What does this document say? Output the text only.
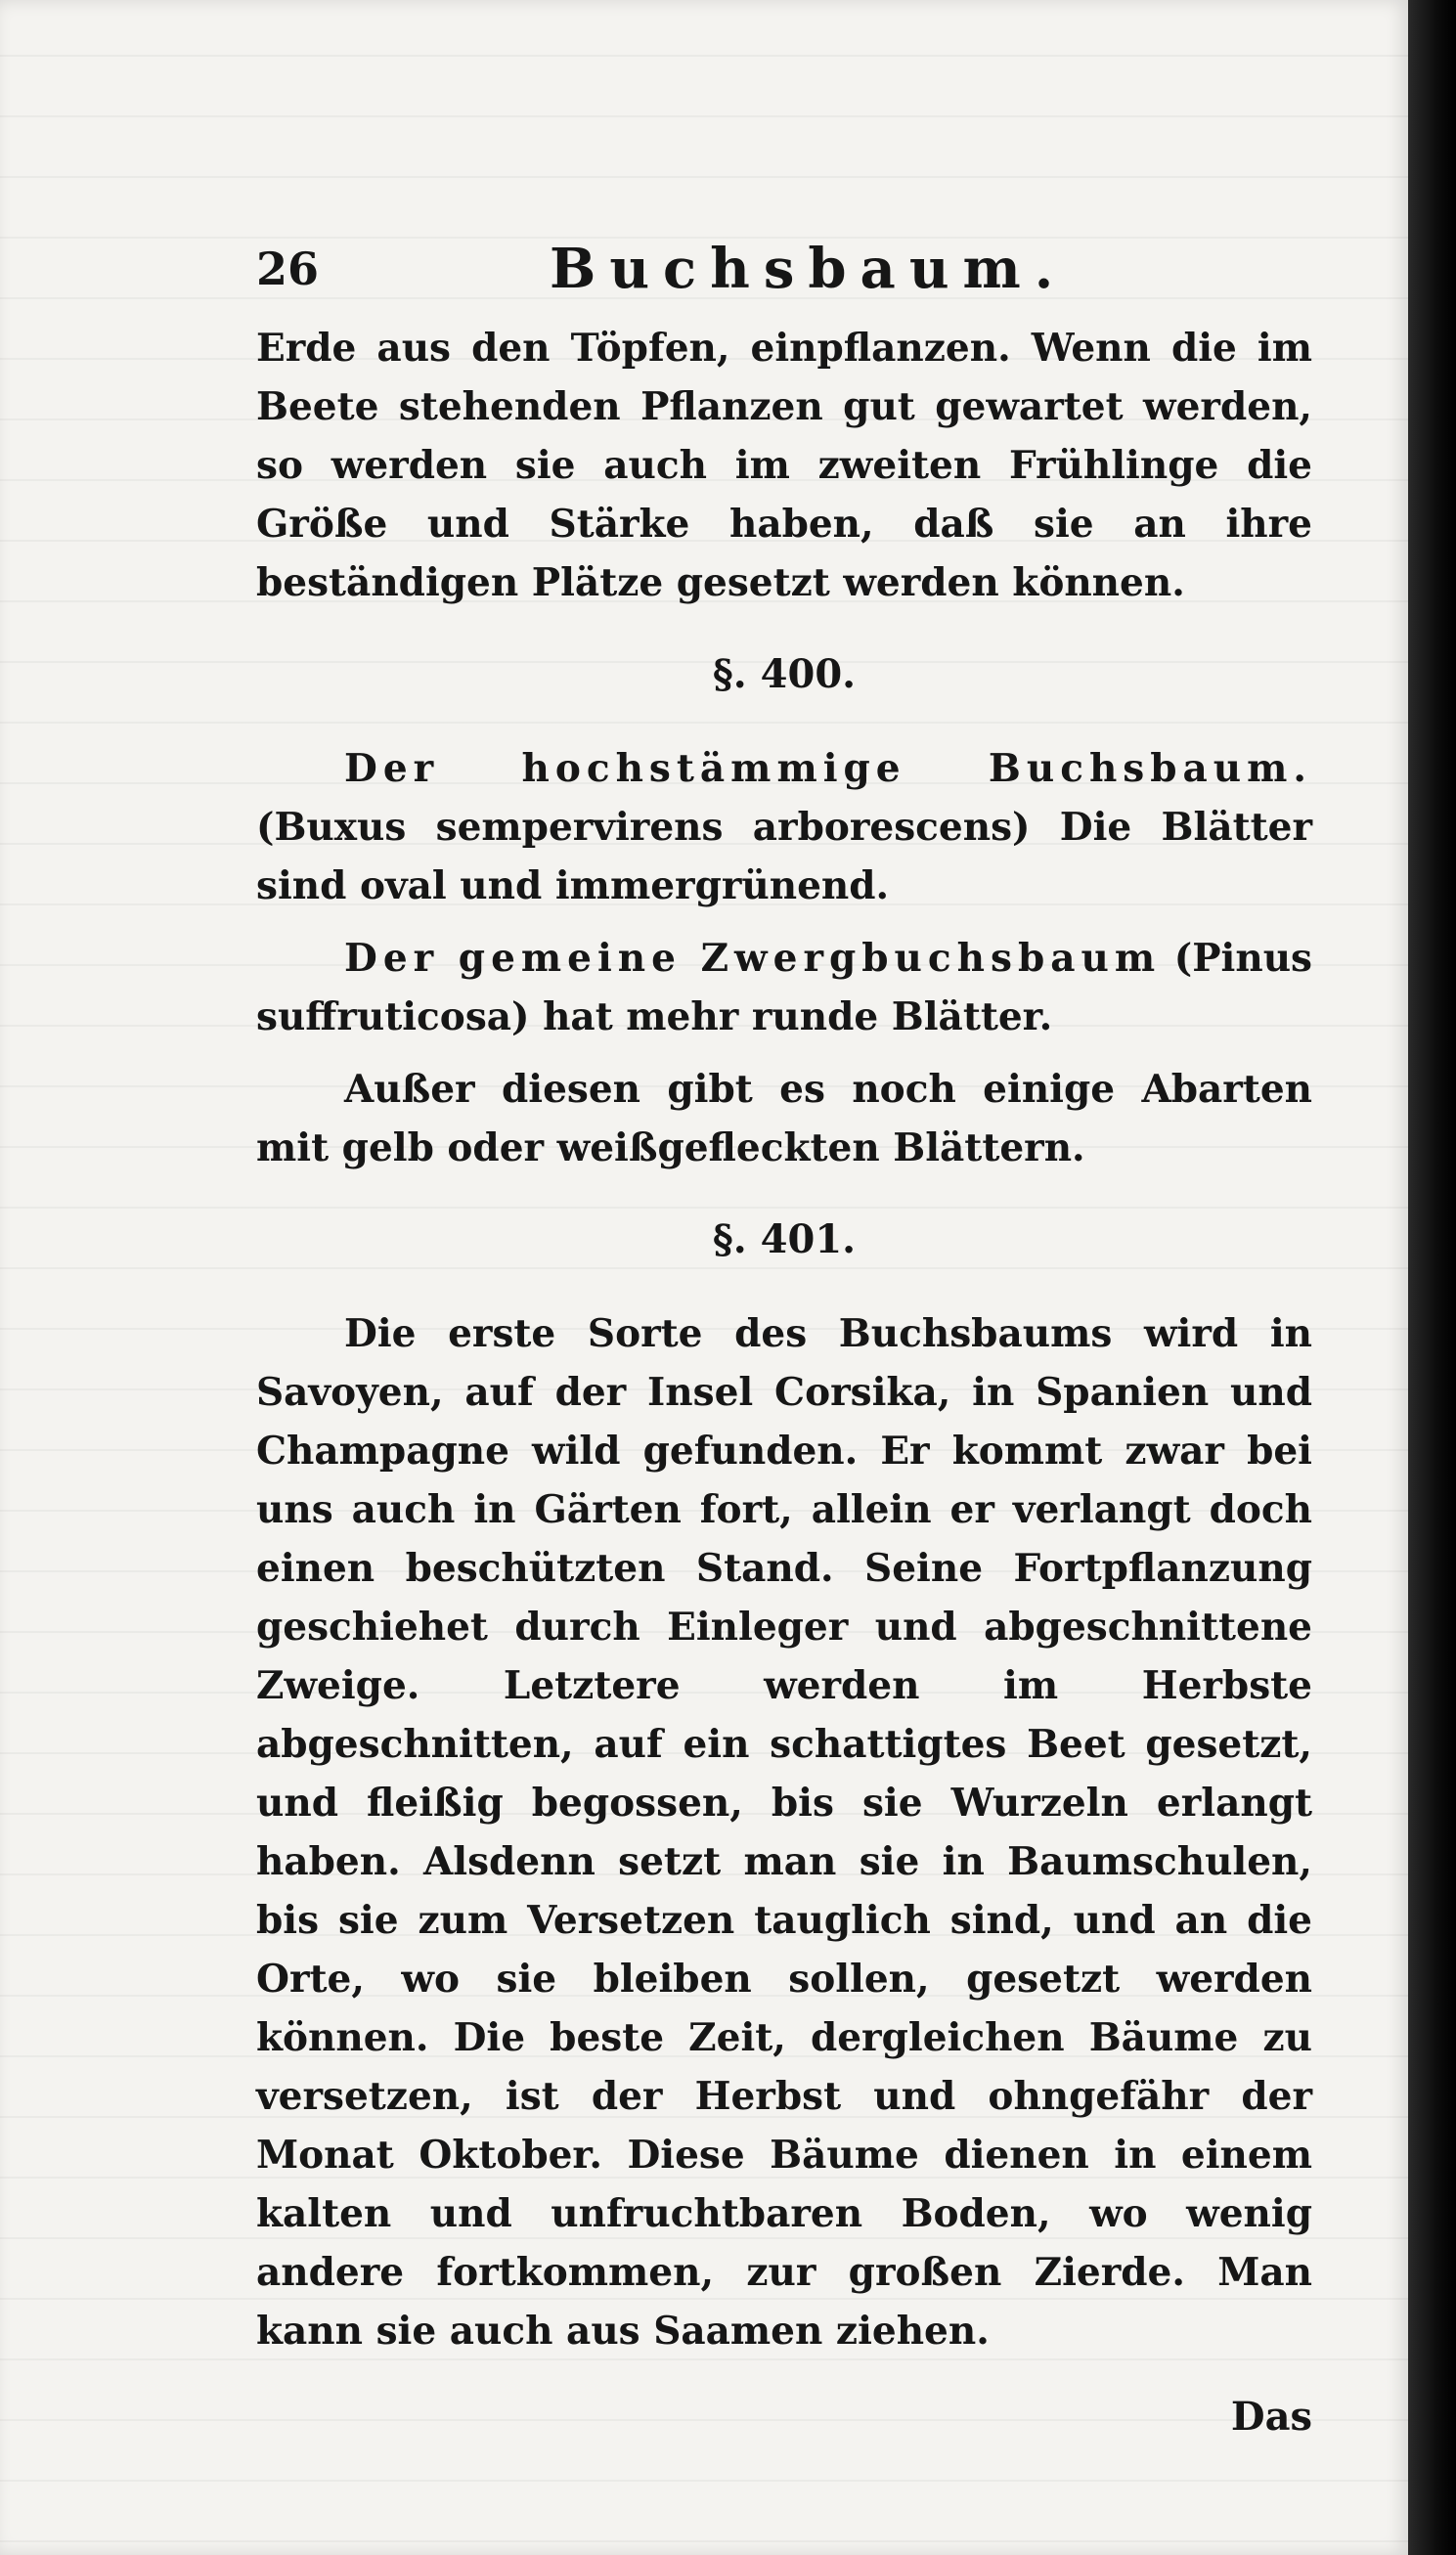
26	Buchsbaum.

Erde aus den Töpfen, einpflanzen. Wenn die im Beete stehenden Pflanzen gut gewartet werden, so werden sie auch im zweiten Frühlinge die Größe und Stärke haben, daß sie an ihre beständigen Plätze gesetzt werden können.

§. 400.

Der hochstämmige Buchsbaum. (Buxus sempervirens arborescens) Die Blätter sind oval und immergrünend.

Der gemeine Zwergbuchsbaum (Pinus suffruticosa) hat mehr runde Blätter.

Außer diesen gibt es noch einige Abarten mit gelb oder weißgefleckten Blättern.

§. 401.

Die erste Sorte des Buchsbaums wird in Savoyen, auf der Insel Corsika, in Spanien und Champagne wild gefunden. Er kommt zwar bei uns auch in Gärten fort, allein er verlangt doch einen beschützten Stand. Seine Fortpflanzung geschiehet durch Einleger und abgeschnittene Zweige. Letztere werden im Herbste abgeschnitten, auf ein schattigtes Beet gesetzt, und fleißig begossen, bis sie Wurzeln erlangt haben. Alsdenn setzt man sie in Baumschulen, bis sie zum Versetzen tauglich sind, und an die Orte, wo sie bleiben sollen, gesetzt werden können. Die beste Zeit, dergleichen Bäume zu versetzen, ist der Herbst und ohngefähr der Monat Oktober. Diese Bäume dienen in einem kalten und unfruchtbaren Boden, wo wenig andere fortkommen, zur großen Zierde. Man kann sie auch aus Saamen ziehen.

Das
